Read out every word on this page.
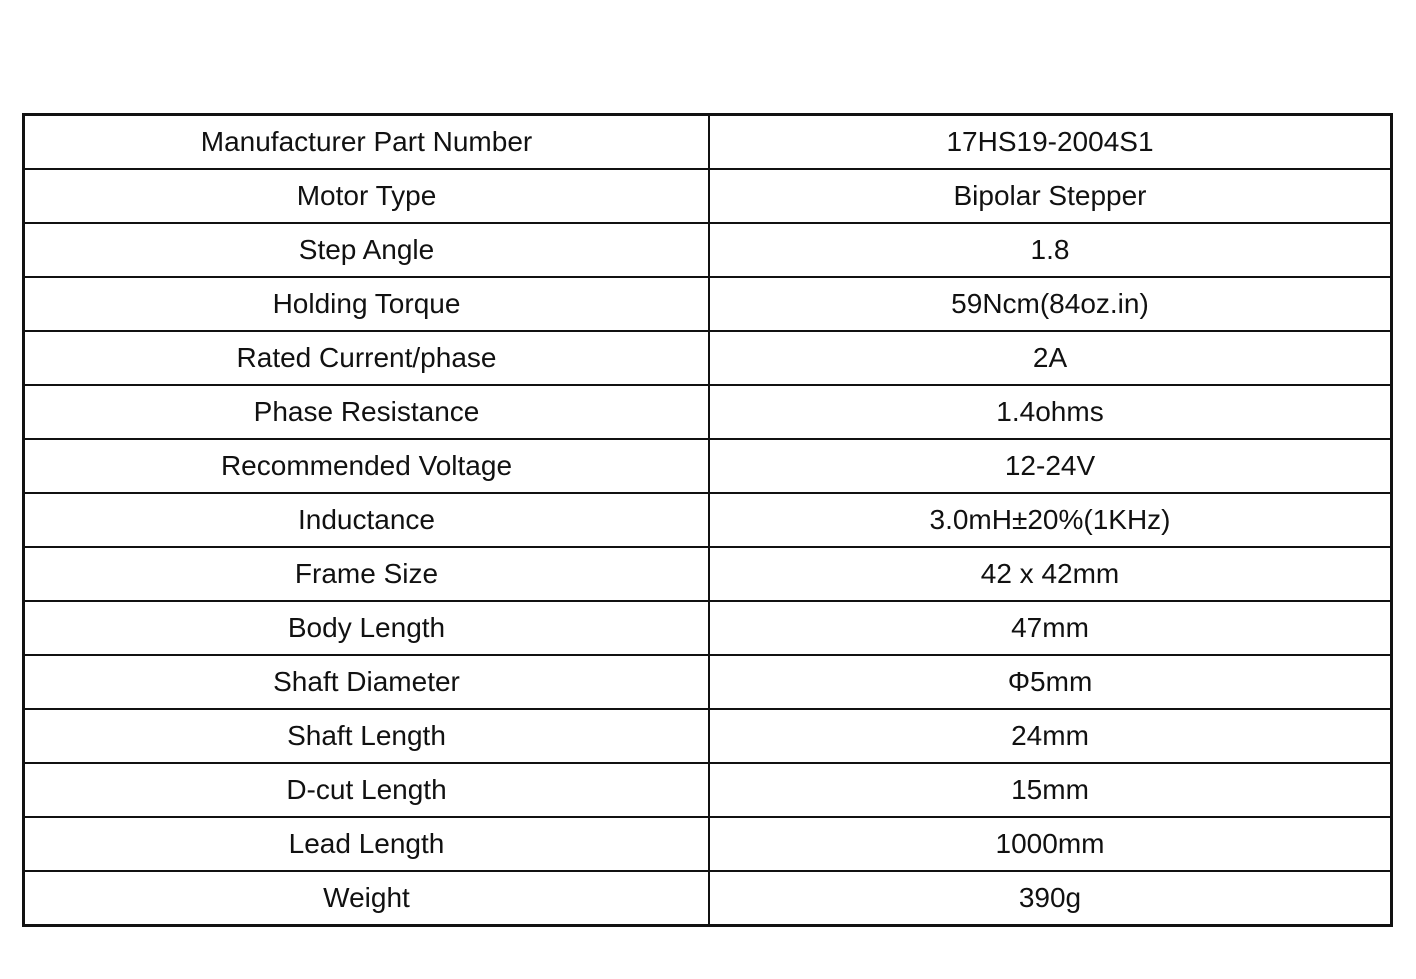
Manufacturer Part Number	17HS19-2004S1
Motor Type	Bipolar Stepper
Step Angle	1.8
Holding Torque	59Ncm(84oz.in)
Rated Current/phase	2A
Phase Resistance	1.4ohms
Recommended Voltage	12-24V
Inductance	3.0mH±20%(1KHz)
Frame Size	42 x 42mm
Body Length	47mm
Shaft Diameter	Φ5mm
Shaft Length	24mm
D-cut Length	15mm
Lead Length	1000mm
Weight	390g
